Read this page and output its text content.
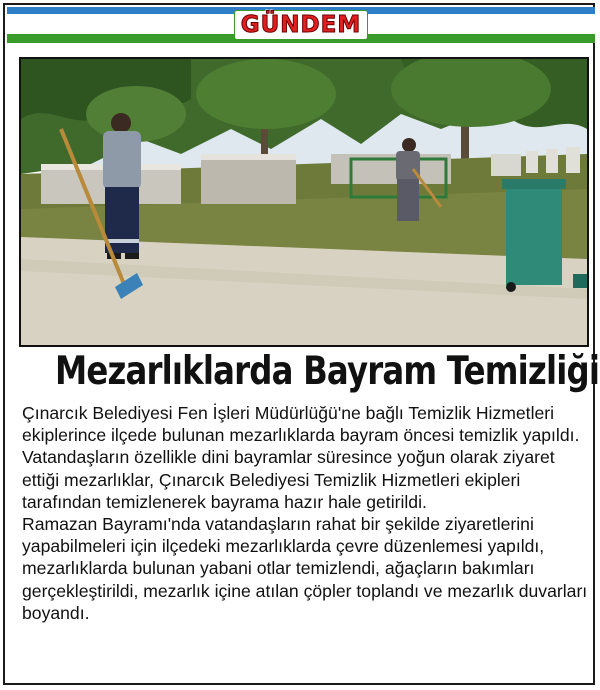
GÜNDEM
Mezarlıklarda Bayram Temizliği

Çınarcık Belediyesi Fen İşleri Müdürlüğü'ne bağlı Temizlik Hizmetleri ekiplerince ilçede bulunan mezarlıklarda bayram öncesi temizlik yapıldı.

Vatandaşların özellikle dini bayramlar süresince yoğun olarak ziyaret ettiği mezarlıklar, Çınarcık Belediyesi Temizlik Hizmetleri ekipleri tarafından temizlenerek bayrama hazır hale getirildi.

Ramazan Bayramı'nda vatandaşların rahat bir şekilde ziyaretlerini yapabilmeleri için ilçedeki mezarlıklarda çevre düzenlemesi yapıldı, mezarlıklarda bulunan yabani otlar temizlendi, ağaçların bakımları gerçekleştirildi, mezarlık içine atılan çöpler toplandı ve mezarlık duvarları boyandı.
